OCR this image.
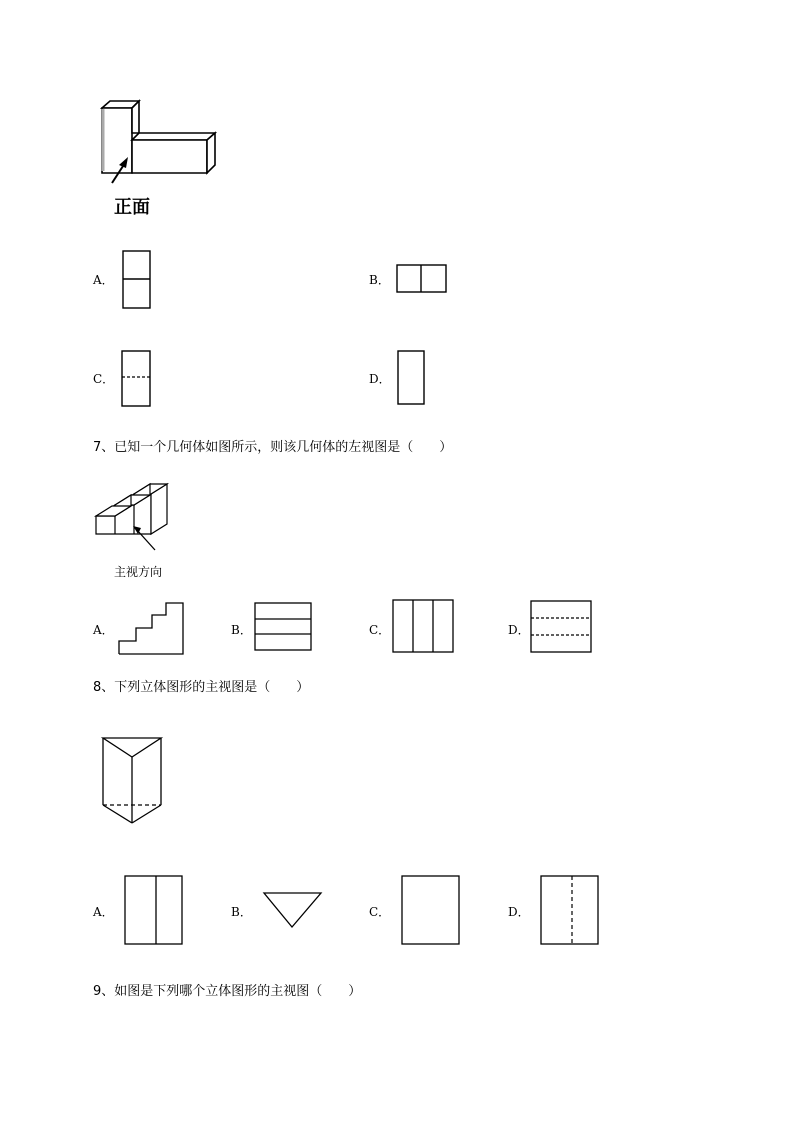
正面
A．	B．
C．	D．
7、已知一个几何体如图所示，则该几何体的左视图是（　　）
主视方向
A．	B．	C．	D．
8、下列立体图形的主视图是（　　）
A．	B．	C．	D．
9、如图是下列哪个立体图形的主视图（　　）
